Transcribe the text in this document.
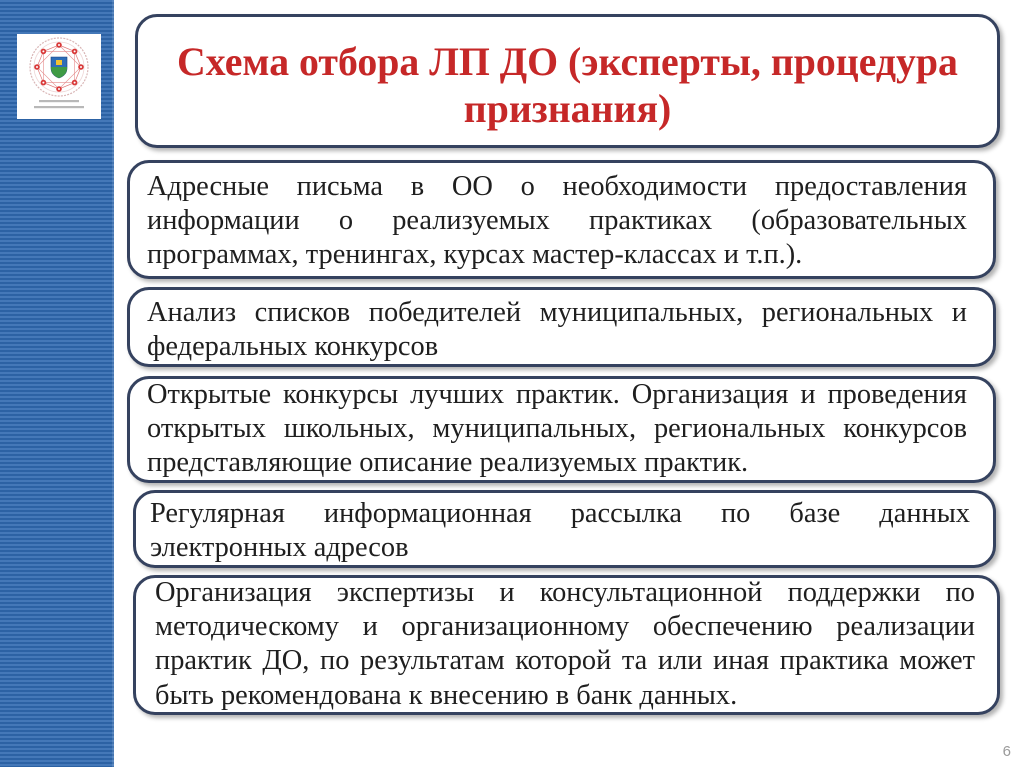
Схема отбора ЛП ДО (эксперты, процедура признания)

Адресные письма в ОО о необходимости предоставления информации о реализуемых практиках (образовательных программах, тренингах, курсах мастер-классах и т.п.).

Анализ списков победителей муниципальных, региональных и федеральных конкурсов

Открытые конкурсы лучших практик. Организация и проведения открытых школьных, муниципальных, региональных конкурсов представляющие описание реализуемых практик.

Регулярная информационная рассылка по базе данных электронных адресов

Организация экспертизы и консультационной поддержки по методическому и организационному обеспечению реализации практик ДО, по результатам которой та или иная практика может быть рекомендована к внесению в банк данных.

6
